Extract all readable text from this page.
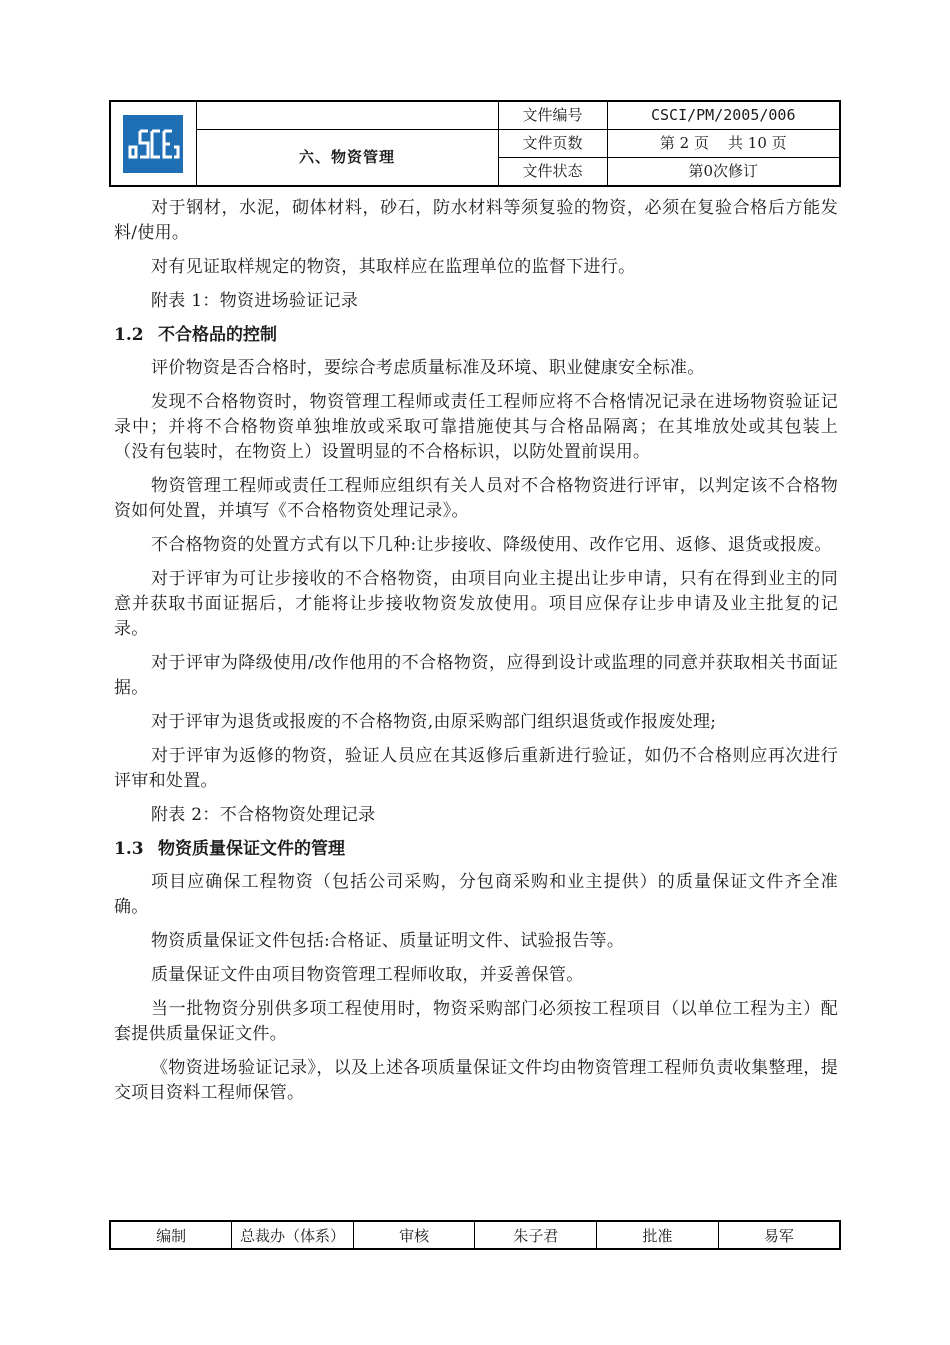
		文件编号	CSCI/PM/2005/006
	六、物资管理	文件页数	第 2 页    共 10 页
		文件状态	第0次修订

对于钢材，水泥，砌体材料，砂石，防水材料等须复验的物资，必须在复验合格后方能发料/使用。

对有见证取样规定的物资，其取样应在监理单位的监督下进行。

附表 1：物资进场验证记录

1.2 不合格品的控制

评价物资是否合格时，要综合考虑质量标准及环境、职业健康安全标准。

发现不合格物资时，物资管理工程师或责任工程师应将不合格情况记录在进场物资验证记录中；并将不合格物资单独堆放或采取可靠措施使其与合格品隔离；在其堆放处或其包装上（没有包装时，在物资上）设置明显的不合格标识，以防处置前误用。

物资管理工程师或责任工程师应组织有关人员对不合格物资进行评审，以判定该不合格物资如何处置，并填写《不合格物资处理记录》。

不合格物资的处置方式有以下几种:让步接收、降级使用、改作它用、返修、退货或报废。

对于评审为可让步接收的不合格物资，由项目向业主提出让步申请，只有在得到业主的同意并获取书面证据后，才能将让步接收物资发放使用。项目应保存让步申请及业主批复的记录。

对于评审为降级使用/改作他用的不合格物资，应得到设计或监理的同意并获取相关书面证据。

对于评审为退货或报废的不合格物资,由原采购部门组织退货或作报废处理;

对于评审为返修的物资，验证人员应在其返修后重新进行验证，如仍不合格则应再次进行评审和处置。

附表 2：不合格物资处理记录

1.3 物资质量保证文件的管理

项目应确保工程物资（包括公司采购，分包商采购和业主提供）的质量保证文件齐全准确。

物资质量保证文件包括:合格证、质量证明文件、试验报告等。

质量保证文件由项目物资管理工程师收取，并妥善保管。

当一批物资分别供多项工程使用时，物资采购部门必须按工程项目（以单位工程为主）配套提供质量保证文件。

《物资进场验证记录》，以及上述各项质量保证文件均由物资管理工程师负责收集整理，提交项目资料工程师保管。

编制	总裁办（体系）	审核	朱子君	批准	易军
